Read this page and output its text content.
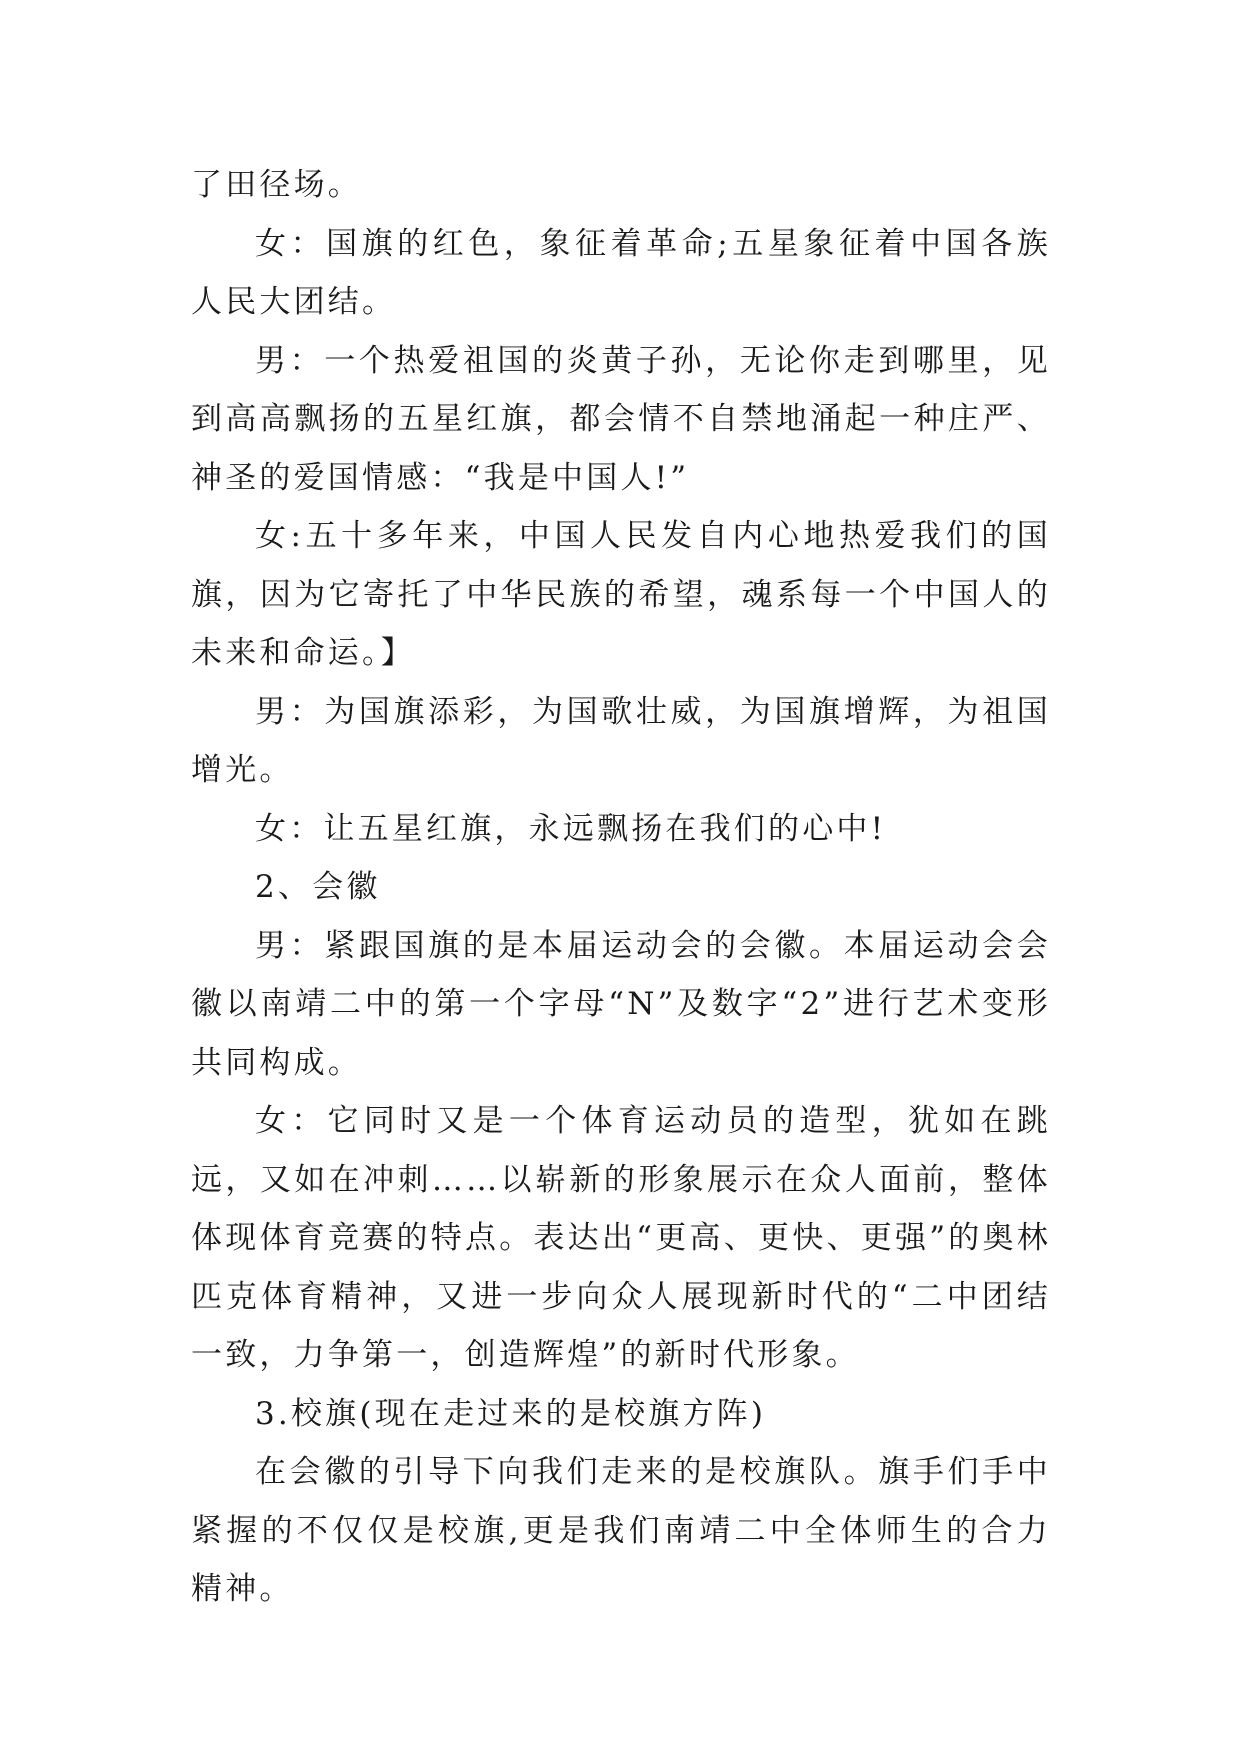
了田径场。

女：国旗的红色，象征着革命;五星象征着中国各族人民大团结。

男：一个热爱祖国的炎黄子孙，无论你走到哪里，见到高高飘扬的五星红旗，都会情不自禁地涌起一种庄严、神圣的爱国情感：“我是中国人!”

女:五十多年来，中国人民发自内心地热爱我们的国旗，因为它寄托了中华民族的希望，魂系每一个中国人的未来和命运。】

男：为国旗添彩，为国歌壮威，为国旗增辉，为祖国增光。

女：让五星红旗，永远飘扬在我们的心中!

2、会徽

男：紧跟国旗的是本届运动会的会徽。本届运动会会徽以南靖二中的第一个字母“N”及数字“2”进行艺术变形共同构成。

女：它同时又是一个体育运动员的造型，犹如在跳远，又如在冲刺……以崭新的形象展示在众人面前，整体体现体育竞赛的特点。表达出“更高、更快、更强”的奥林匹克体育精神，又进一步向众人展现新时代的“二中团结一致，力争第一，创造辉煌”的新时代形象。

3.校旗(现在走过来的是校旗方阵)

在会徽的引导下向我们走来的是校旗队。旗手们手中紧握的不仅仅是校旗,更是我们南靖二中全体师生的合力精神。
